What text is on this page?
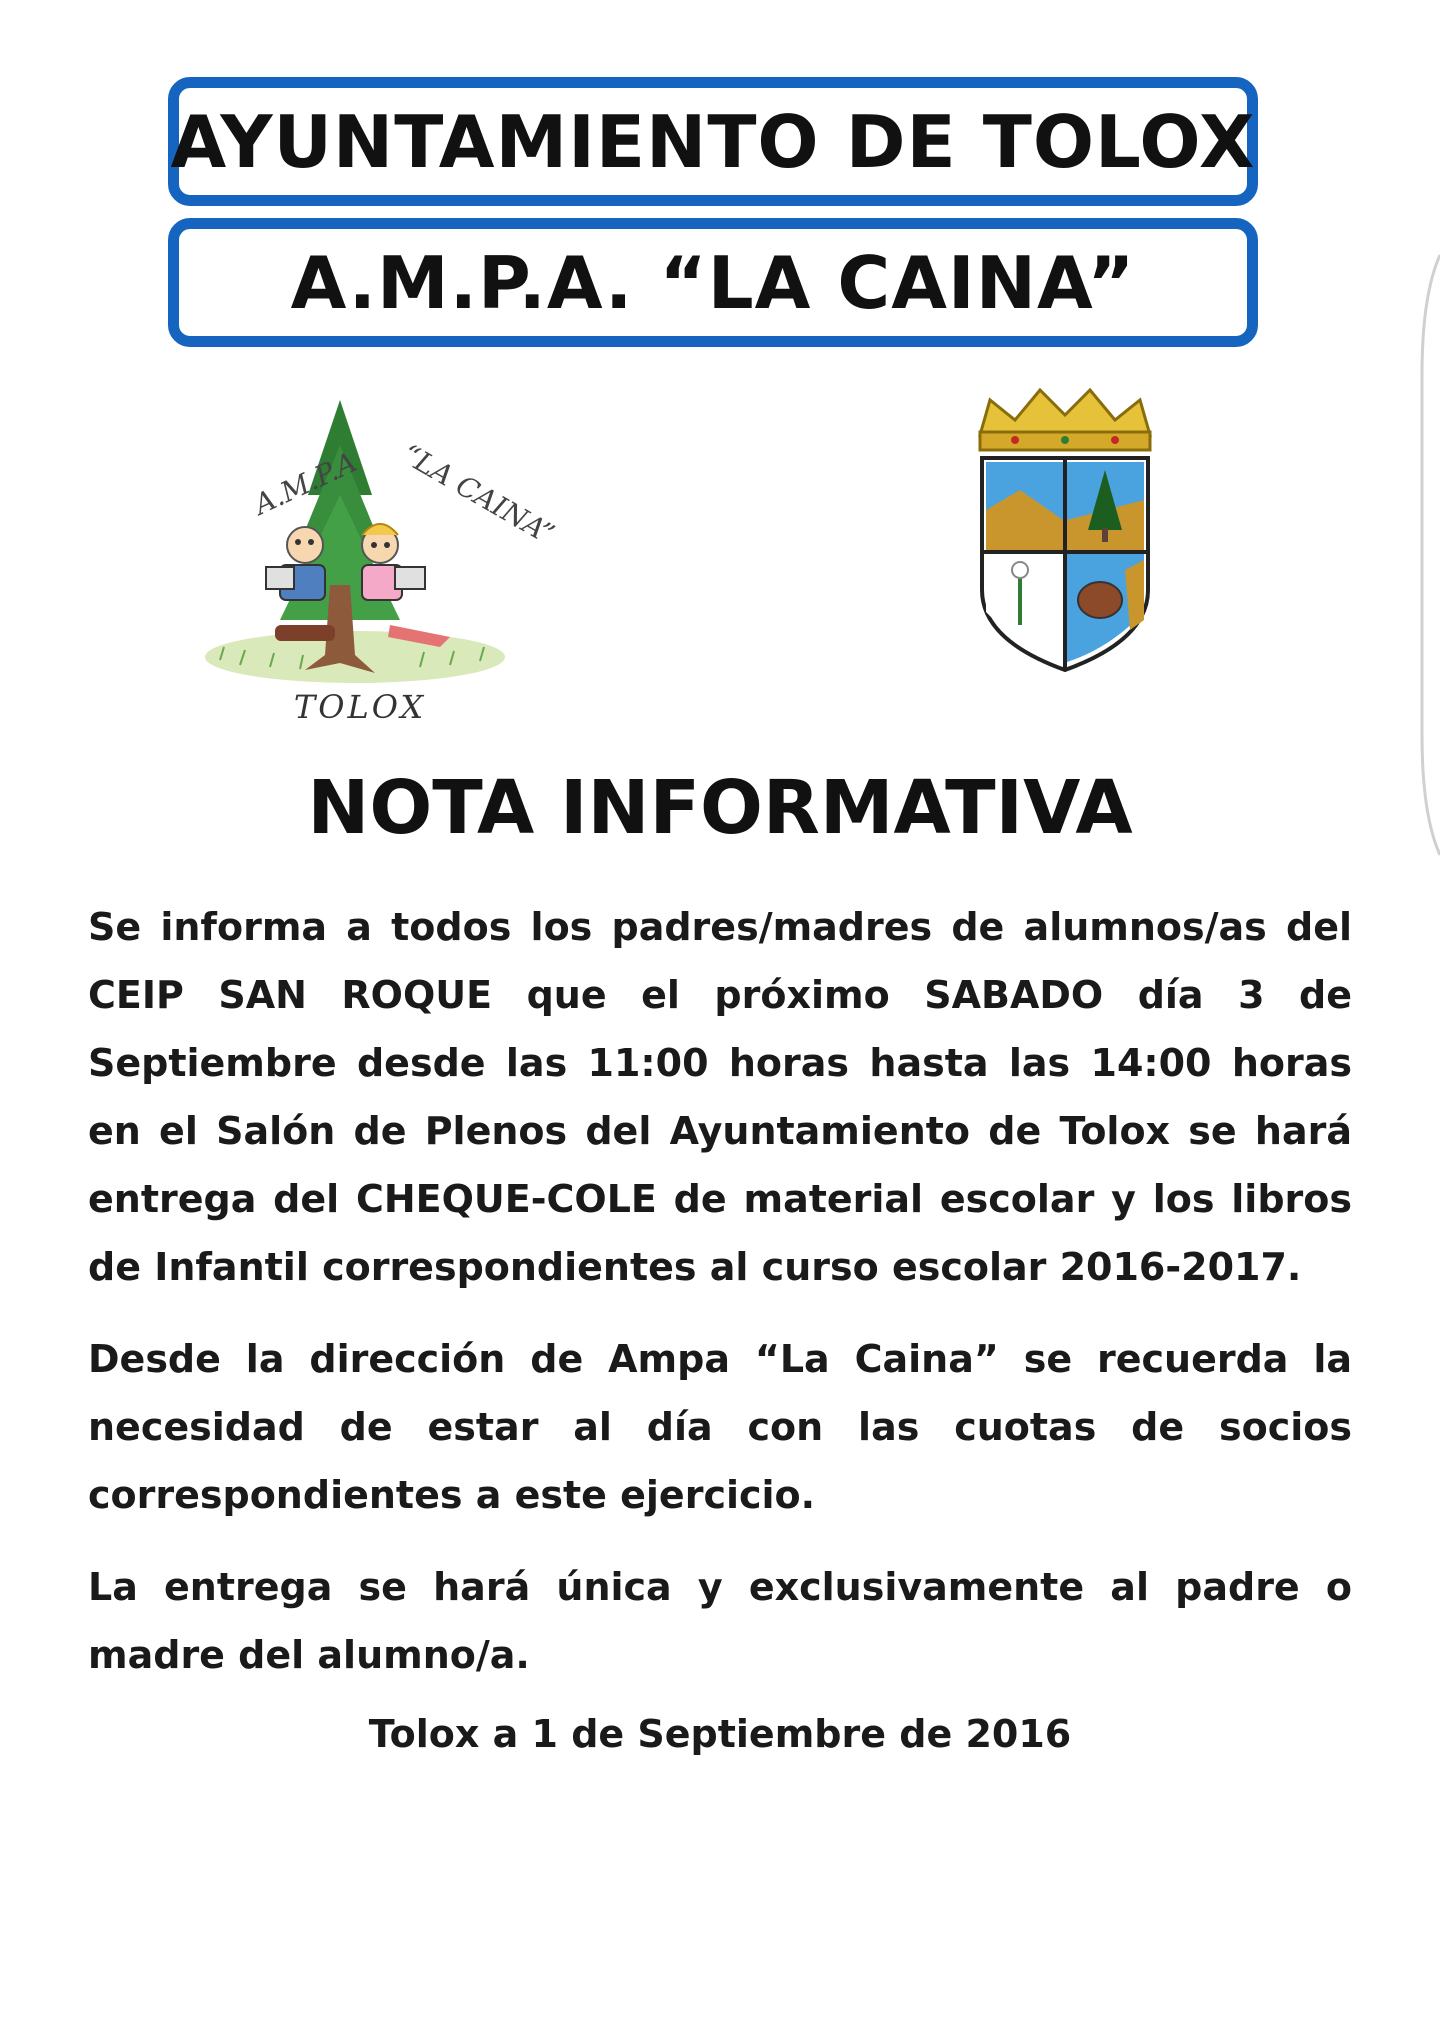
AYUNTAMIENTO DE TOLOX
A.M.P.A. “LA CAINA”
A.M.P.A “LA CAINA”
TOLOX
NOTA INFORMATIVA
Se informa a todos los padres/madres de alumnos/as del CEIP SAN ROQUE que el próximo SABADO día 3 de Septiembre desde las 11:00 horas hasta las 14:00 horas en el Salón de Plenos del Ayuntamiento de Tolox se hará entrega del CHEQUE-COLE de material escolar y los libros de Infantil correspondientes al curso escolar 2016-2017.
Desde la dirección de Ampa “La Caina” se recuerda la necesidad de estar al día con las cuotas de socios correspondientes a este ejercicio.
La entrega se hará única y exclusivamente al padre o madre del alumno/a.
Tolox a 1 de Septiembre de 2016
